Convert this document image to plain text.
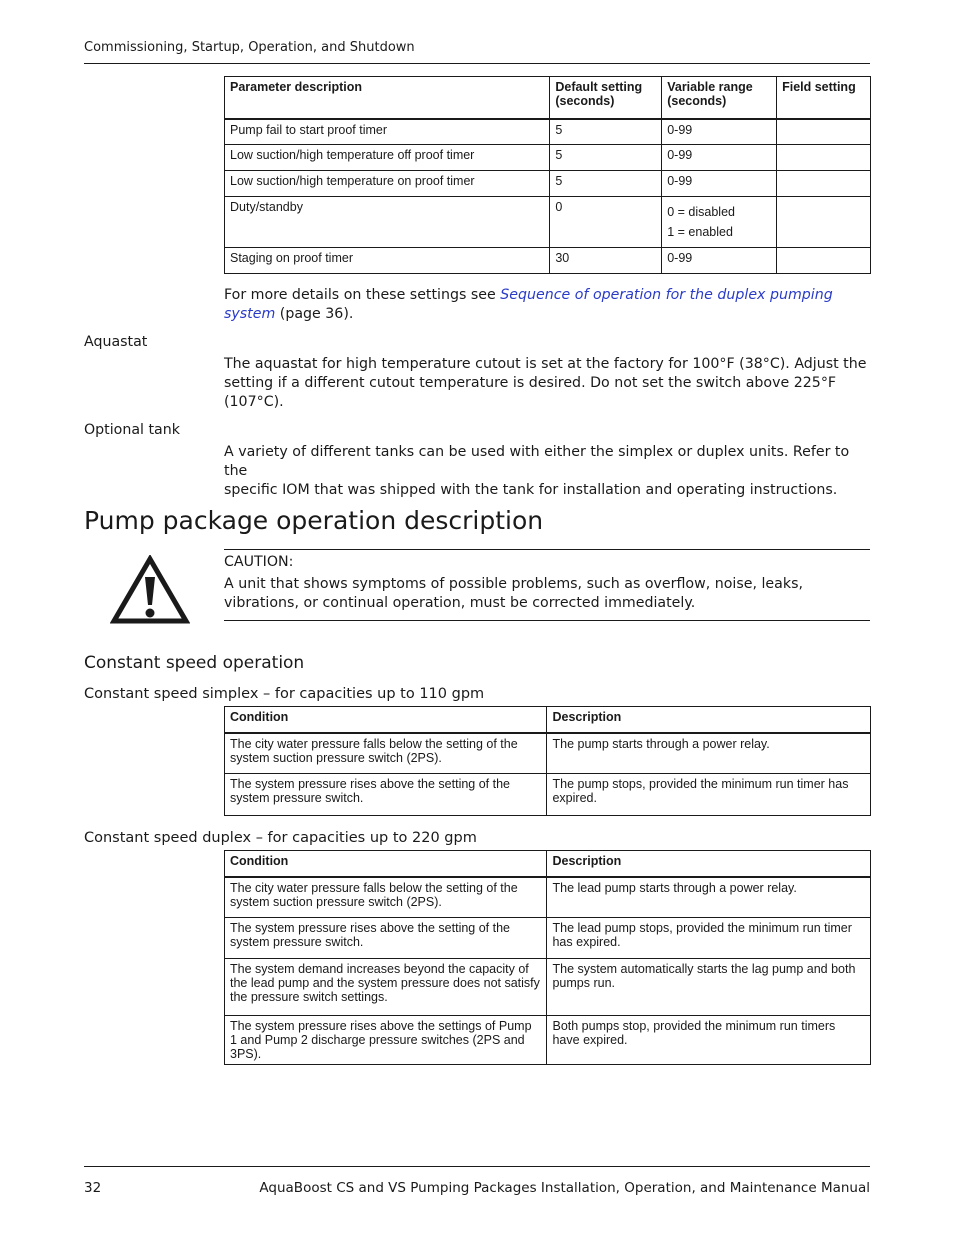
Commissioning, Startup, Operation, and Shutdown
Parameter description	Default setting (seconds)	Variable range (seconds)	Field setting
Pump fail to start proof timer	5	0-99	
Low suction/high temperature off proof timer	5	0-99	
Low suction/high temperature on proof timer	5	0-99	
Duty/standby	0	0 = disabled
1 = enabled	

Staging on proof timer	30	0-99	
For more details on these settings see Sequence of operation for the duplex pumping
system (page 36).
Aquastat
The aquastat for high temperature cutout is set at the factory for 100°F (38°C). Adjust the
setting if a different cutout temperature is desired. Do not set the switch above 225°F
(107°C).
Optional tank
A variety of different tanks can be used with either the simplex or duplex units. Refer to the
specific IOM that was shipped with the tank for installation and operating instructions.
Pump package operation description
CAUTION:
A unit that shows symptoms of possible problems, such as overflow, noise, leaks,
vibrations, or continual operation, must be corrected immediately.
Constant speed operation
Constant speed simplex – for capacities up to 110 gpm
Condition	Description
The city water pressure falls below the setting of the system suction pressure switch (2PS).	The pump starts through a power relay.
The system pressure rises above the setting of the system pressure switch.	The pump stops, provided the minimum run timer has expired.
Constant speed duplex – for capacities up to 220 gpm
Condition	Description
The city water pressure falls below the setting of the system suction pressure switch (2PS).	The lead pump starts through a power relay.
The system pressure rises above the setting of the system pressure switch.	The lead pump stops, provided the minimum run timer has expired.
The system demand increases beyond the capacity of the lead pump and the system pressure does not satisfy the pressure switch settings.	The system automatically starts the lag pump and both pumps run.
The system pressure rises above the settings of Pump 1 and Pump 2 discharge pressure switches (2PS and 3PS).	Both pumps stop, provided the minimum run timers have expired.
32	AquaBoost CS and VS Pumping Packages Installation, Operation, and Maintenance Manual
